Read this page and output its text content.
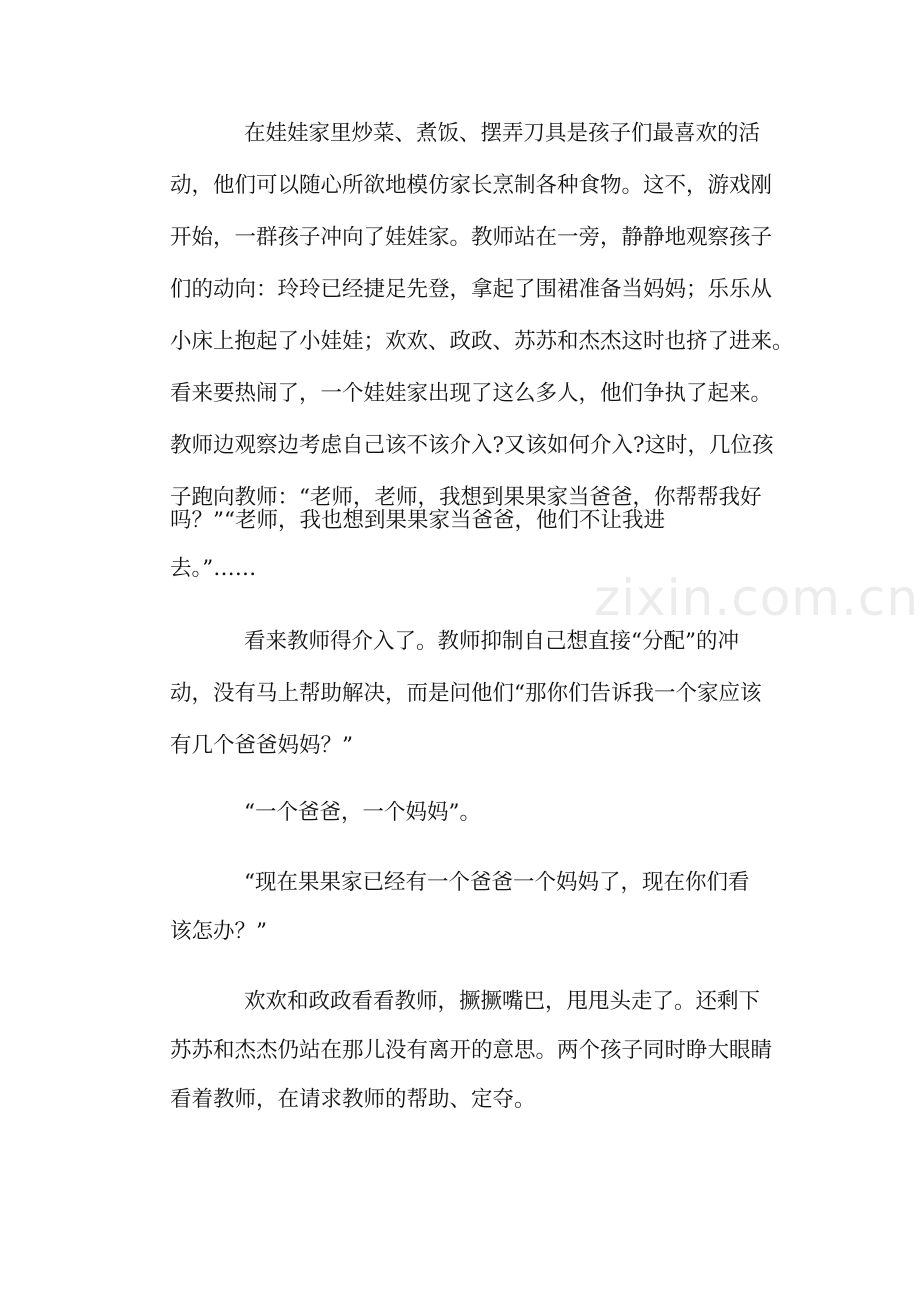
zixin.com.cn
在娃娃家里炒菜、煮饭、摆弄刀具是孩子们最喜欢的活
动，他们可以随心所欲地模仿家长烹制各种食物。这不，游戏刚
开始，一群孩子冲向了娃娃家。教师站在一旁，静静地观察孩子
们的动向：玲玲已经捷足先登，拿起了围裙准备当妈妈；乐乐从
小床上抱起了小娃娃；欢欢、政政、苏苏和杰杰这时也挤了进来。
看来要热闹了，一个娃娃家出现了这么多人，他们争执了起来。
教师边观察边考虑自己该不该介入?又该如何介入?这时，几位孩
子跑向教师：“老师，老师，我想到果果家当爸爸，你帮帮我好
吗？”“老师，我也想到果果家当爸爸，他们不让我进
去。”……
看来教师得介入了。教师抑制自己想直接“分配”的冲
动，没有马上帮助解决，而是问他们“那你们告诉我一个家应该
有几个爸爸妈妈？”
“一个爸爸，一个妈妈”。
“现在果果家已经有一个爸爸一个妈妈了，现在你们看
该怎办？”
欢欢和政政看看教师，撅撅嘴巴，甩甩头走了。还剩下
苏苏和杰杰仍站在那儿没有离开的意思。两个孩子同时睁大眼睛
看着教师，在请求教师的帮助、定夺。
